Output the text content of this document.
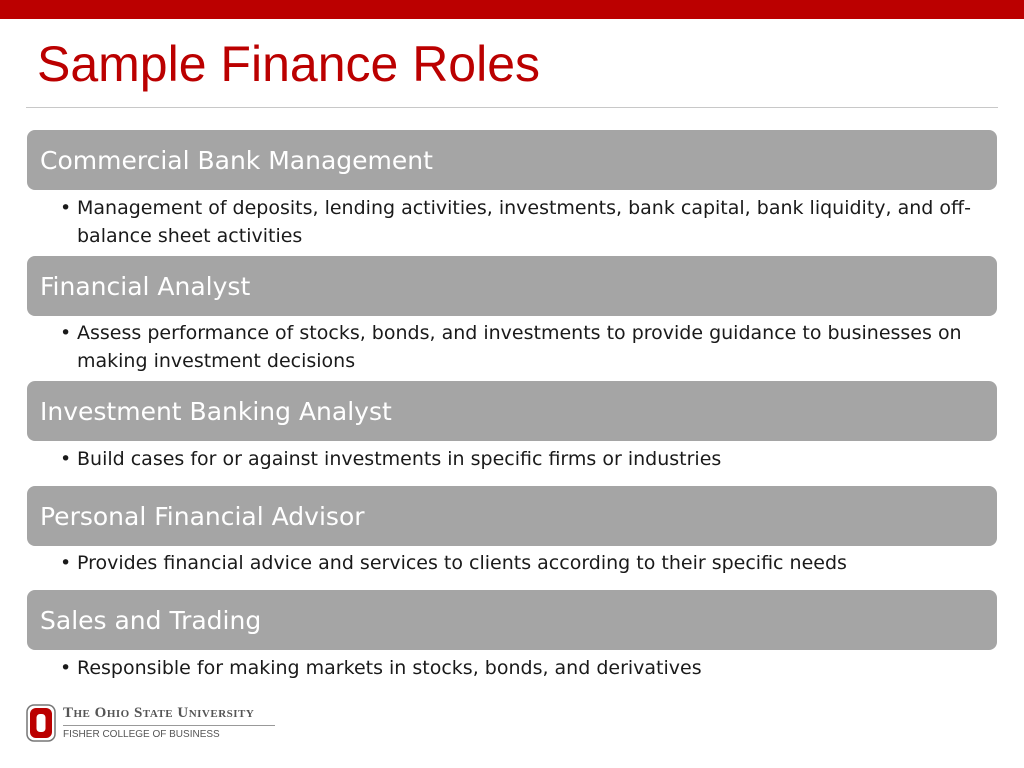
Sample Finance Roles
Commercial Bank Management
• Management of deposits, lending activities, investments, bank capital, bank liquidity, and off-balance sheet activities
Financial Analyst
• Assess performance of stocks, bonds, and investments to provide guidance to businesses on making investment decisions
Investment Banking Analyst
• Build cases for or against investments in specific firms or industries
Personal Financial Advisor
• Provides financial advice and services to clients according to their specific needs
Sales and Trading
• Responsible for making markets in stocks, bonds, and derivatives
The Ohio State University
FISHER COLLEGE OF BUSINESS
